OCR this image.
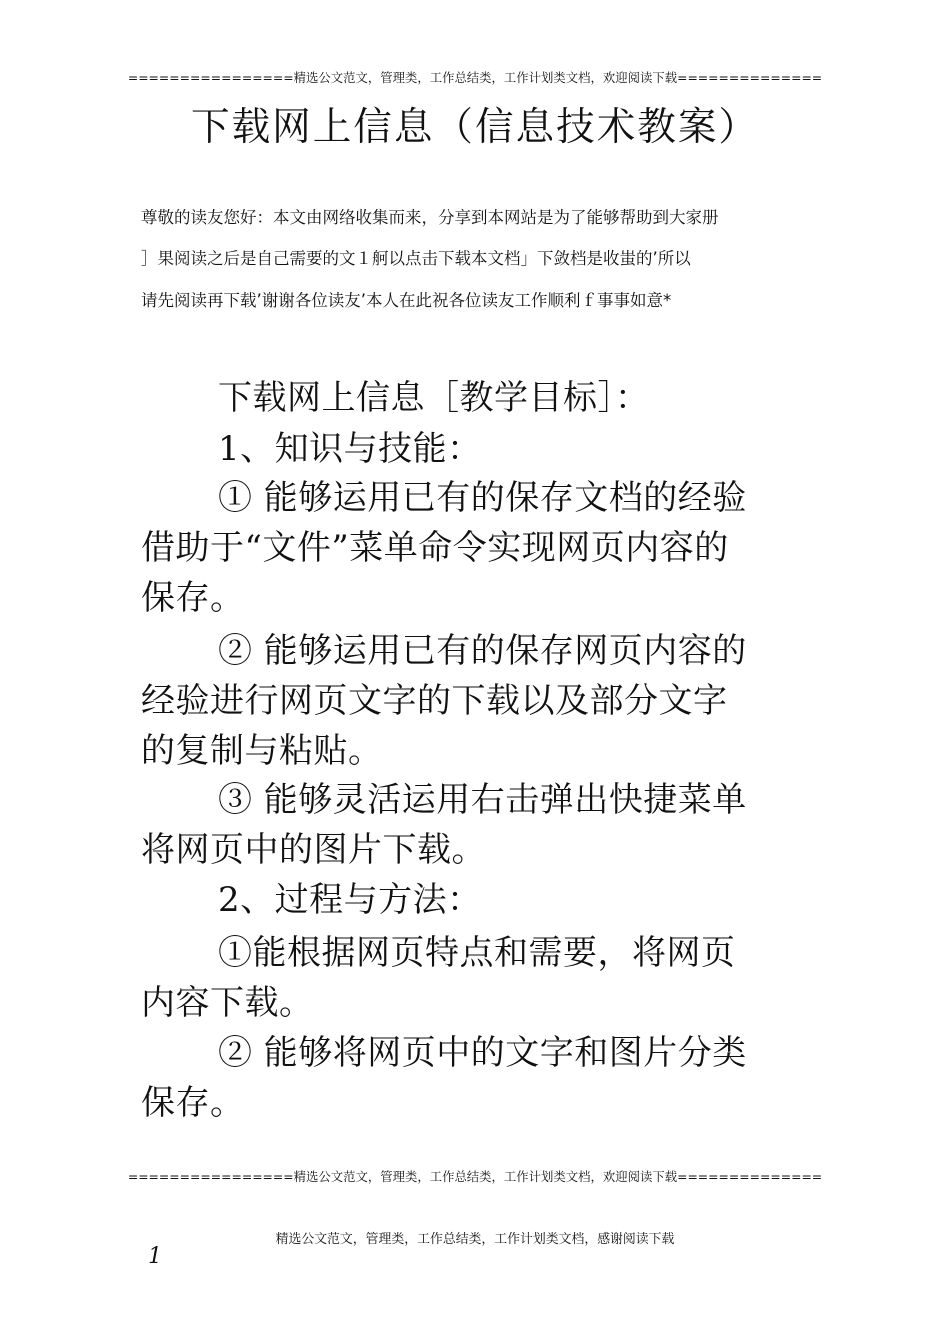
================精选公文范文，管理类，工作总结类，工作计划类文档，欢迎阅读下载==============
下载网上信息（信息技术教案）
尊敬的读友您好：本文由网络收集而来，分享到本网站是为了能够帮助到大家册
］果阅读之后是自己需要的文１舸以点击下载本文档」下敛档是收蚩的’所以
请先阅读再下载’谢谢各位读友’本人在此祝各位读友工作顺利ｆ事事如意*
下载网上信息［教学目标］：
1、知识与技能：
① 能够运用已有的保存文档的经验
借助于“文件”菜单命令实现网页内容的
保存。
② 能够运用已有的保存网页内容的
经验进行网页文字的下载以及部分文字
的复制与粘贴。
③ 能够灵活运用右击弹出快捷菜单
将网页中的图片下载。
2、过程与方法：
①能根据网页特点和需要，将网页
内容下载。
② 能够将网页中的文字和图片分类
保存。
================精选公文范文，管理类，工作总结类，工作计划类文档，欢迎阅读下载==============
精选公文范文，管理类，工作总结类，工作计划类文档，感谢阅读下载
1
